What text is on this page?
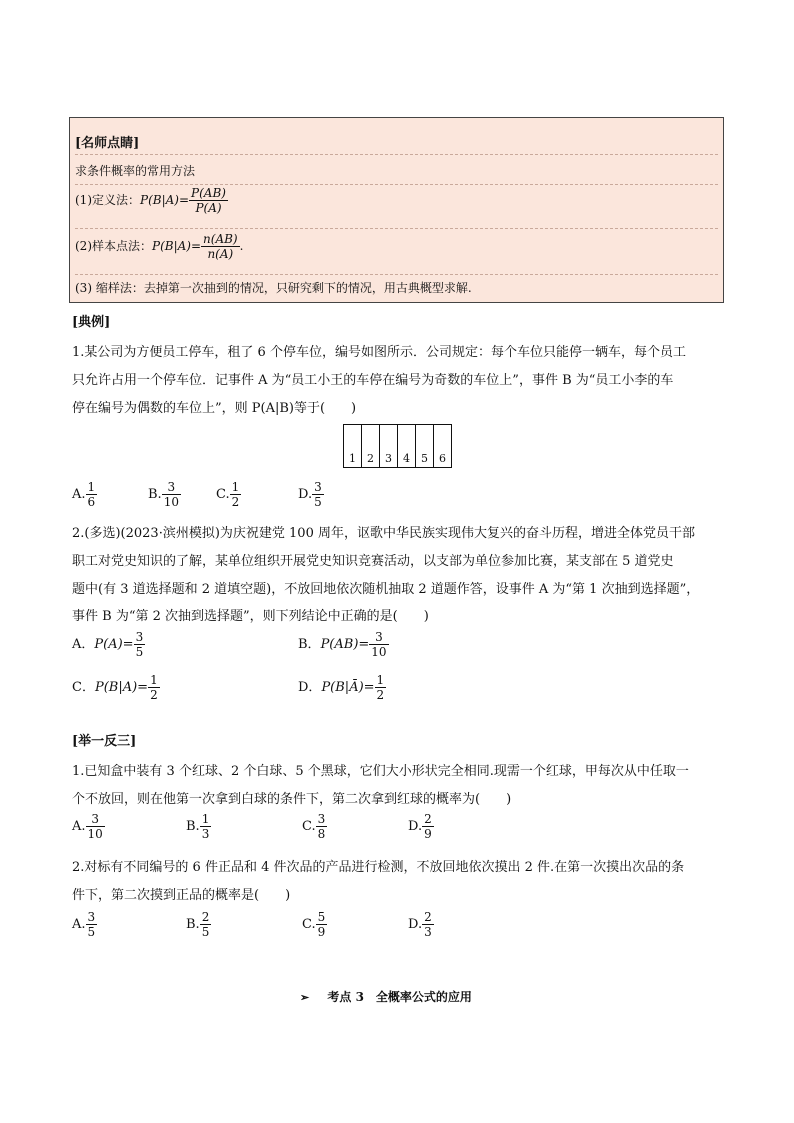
[名师点睛]
求条件概率的常用方法
(1)定义法：$P(B|A)= \frac{P(AB)}{P(A)}$
(2)样本点法：$P(B|A)= \frac{n(AB)}{n(A)}$ .
(3) 缩样法：去掉第一次抽到的情况，只研究剩下的情况，用古典概型求解.
[典例]
1.某公司为方便员工停车，租了 6 个停车位，编号如图所示．公司规定：每个车位只能停一辆车，每个员工
只允许占用一个停车位．记事件 A 为“员工小王的车停在编号为奇数的车位上”，事件 B 为“员工小李的车
停在编号为偶数的车位上”，则 P(A|B)等于(　　)
1	2	3	4	5	6
A. $\frac{1}{6}$	B. $\frac{3}{10}$	C. $\frac{1}{2}$	D. $\frac{3}{5}$
2.(多选)(2023·滨州模拟)为庆祝建党 100 周年，讴歌中华民族实现伟大复兴的奋斗历程，增进全体党员干部
职工对党史知识的了解，某单位组织开展党史知识竞赛活动，以支部为单位参加比赛，某支部在 5 道党史
题中(有 3 道选择题和 2 道填空题)，不放回地依次随机抽取 2 道题作答，设事件 A 为“第 1 次抽到选择题”，
事件 B 为“第 2 次抽到选择题”，则下列结论中正确的是(　　)
A．$P(A)= \frac{3}{5}$	B．$P(AB)= \frac{3}{10}$
C．$P(B|A)= \frac{1}{2}$	D．P(B|Ā)= $\frac{1}{2}$
[举一反三]
1.已知盒中装有 3 个红球、2 个白球、5 个黑球，它们大小形状完全相同.现需一个红球，甲每次从中任取一
个不放回，则在他第一次拿到白球的条件下，第二次拿到红球的概率为(　　)
A. $\frac{3}{10}$	B. $\frac{1}{3}$	C. $\frac{3}{8}$	D. $\frac{2}{9}$
2.对标有不同编号的 6 件正品和 4 件次品的产品进行检测，不放回地依次摸出 2 件.在第一次摸出次品的条
件下，第二次摸到正品的概率是(　　)
A. $\frac{3}{5}$	B. $\frac{2}{5}$	C. $\frac{5}{9}$	D. $\frac{2}{3}$
➢ 考点 3　全概率公式的应用
